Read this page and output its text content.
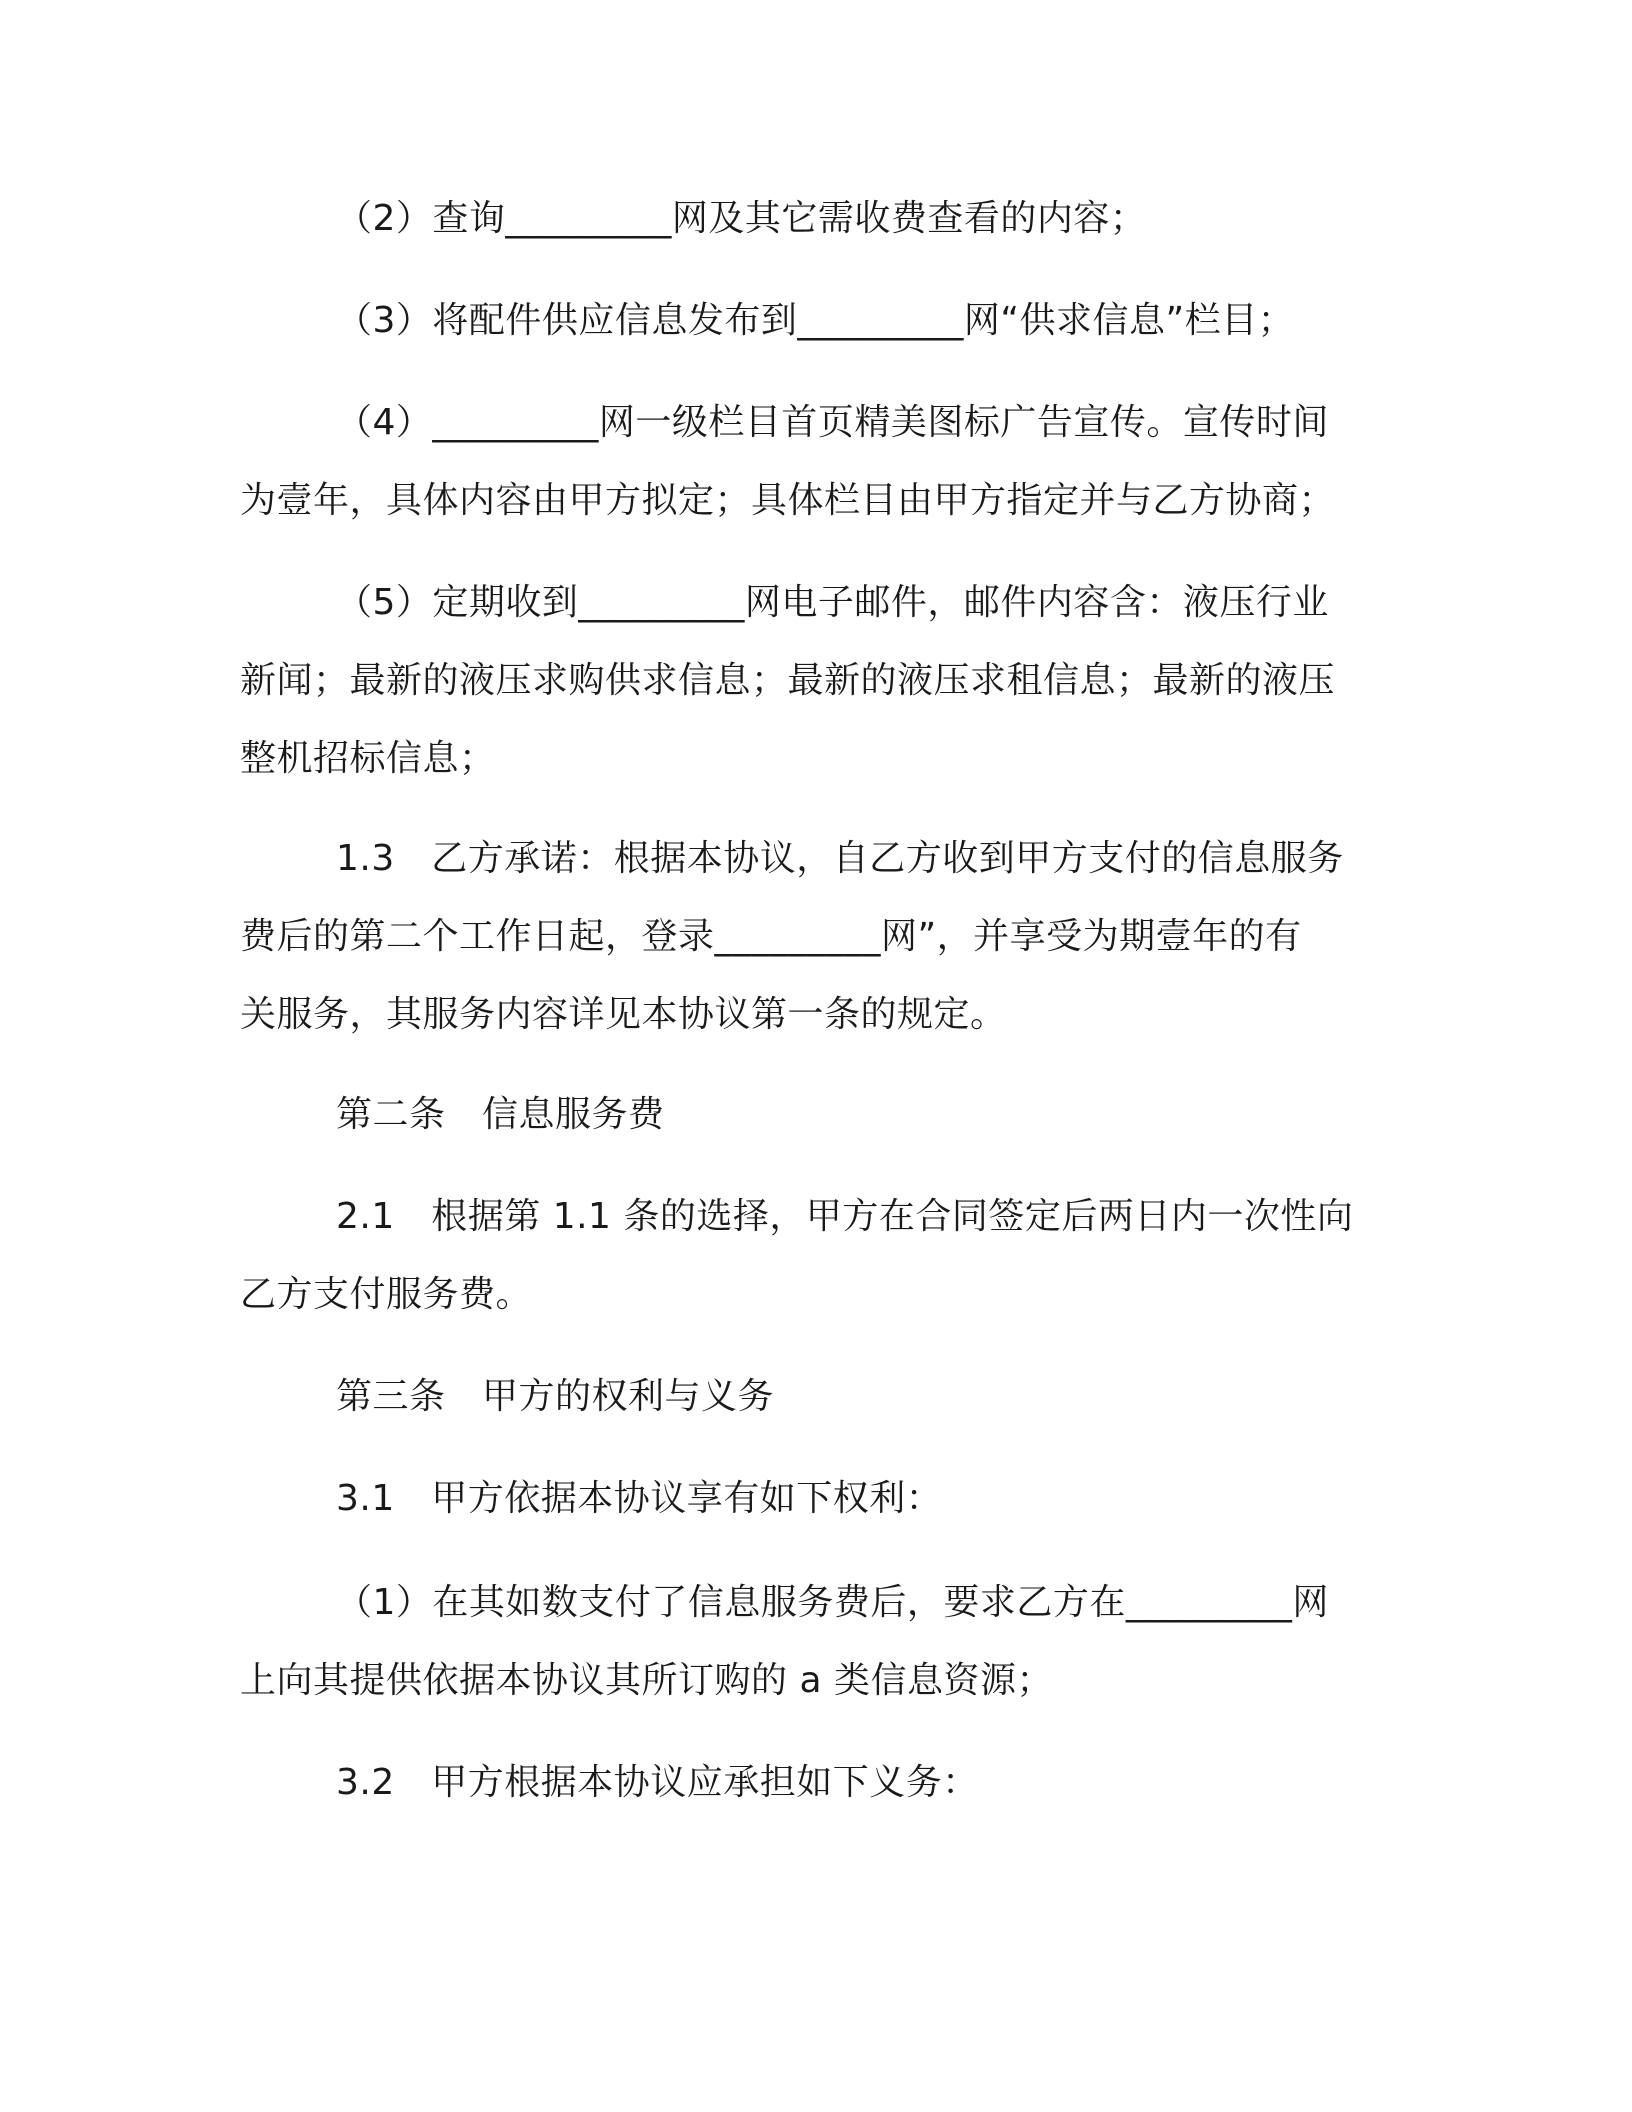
（2）查询_________网及其它需收费查看的内容；
（3）将配件供应信息发布到_________网“供求信息”栏目；
（4）_________网一级栏目首页精美图标广告宣传。宣传时间
为壹年，具体内容由甲方拟定；具体栏目由甲方指定并与乙方协商；
（5）定期收到_________网电子邮件，邮件内容含：液压行业
新闻；最新的液压求购供求信息；最新的液压求租信息；最新的液压
整机招标信息；
1.3　乙方承诺：根据本协议，自乙方收到甲方支付的信息服务
费后的第二个工作日起，登录_________网”，并享受为期壹年的有
关服务，其服务内容详见本协议第一条的规定。
第二条　信息服务费
2.1　根据第 1.1 条的选择，甲方在合同签定后两日内一次性向
乙方支付服务费。
第三条　甲方的权利与义务
3.1　甲方依据本协议享有如下权利：
（1）在其如数支付了信息服务费后，要求乙方在_________网
上向其提供依据本协议其所订购的 a 类信息资源；
3.2　甲方根据本协议应承担如下义务：
